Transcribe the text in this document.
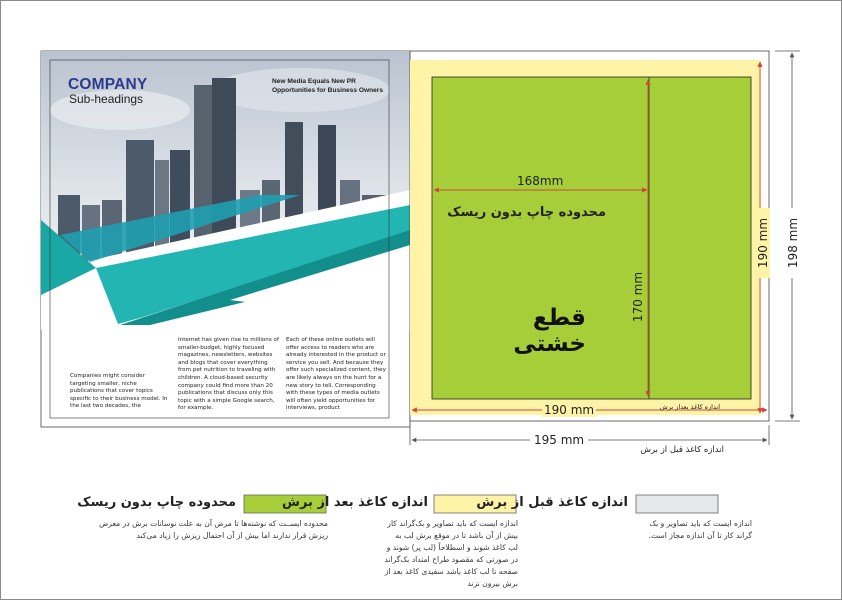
COMPANY
Sub-headings
New Media Equals New PR
Opportunities for Business Owners
Companies might consider targeting smaller, niche publications that cover topics specific to their business model. In the last two decades, the
Internet has given rise to millions of smaller-budget, highly focused magazines, newsletters, websites and blogs that cover everything from pet nutrition to traveling with children. A cloud-based security company could find more than 20 publications that discuss only this topic with a simple Google search, for example.
Each of these online outlets will offer access to readers who are already interested in the product or service you sell. And because they offer such specialized content, they are likely always on the hunt for a new story to tell. Corresponding with these types of media outlets will often yield opportunities for interviews, product
168mm
محدوده چاپ بدون ریسک
قطع خشتی
170 mm
190 mm	اندازه کاغذ بعداز برش
190 mm
195 mm
اندازه کاغذ قبل از برش
198 mm
اندازه کاغذ قبل از برش
اندازه ایست که باید تصاویر و بک گراند کار تا آن اندازه مجاز است.
اندازه کاغذ بعد از برش
اندازه ایست که باید تصاویر و بک‌گراند کار بیش از آن باشد تا در موقع برش لب به لب کاغذ شوند و اسطلاحاً (لب پر) شوند و در صورتی که مقصود طراح امتداد بک‌گراند صفحه تا لب کاغذ باشد سفیدی کاغذ بعد از برش بیرون نزند
محدوده چاپ بدون ریسک
محدوده ایســت که نوشته‌ها تا مرض آن به علت نوسانات برش در معرض ریزش قرار ندارند اما بیش از آن احتمال ریزش را زیاد می‌کند
